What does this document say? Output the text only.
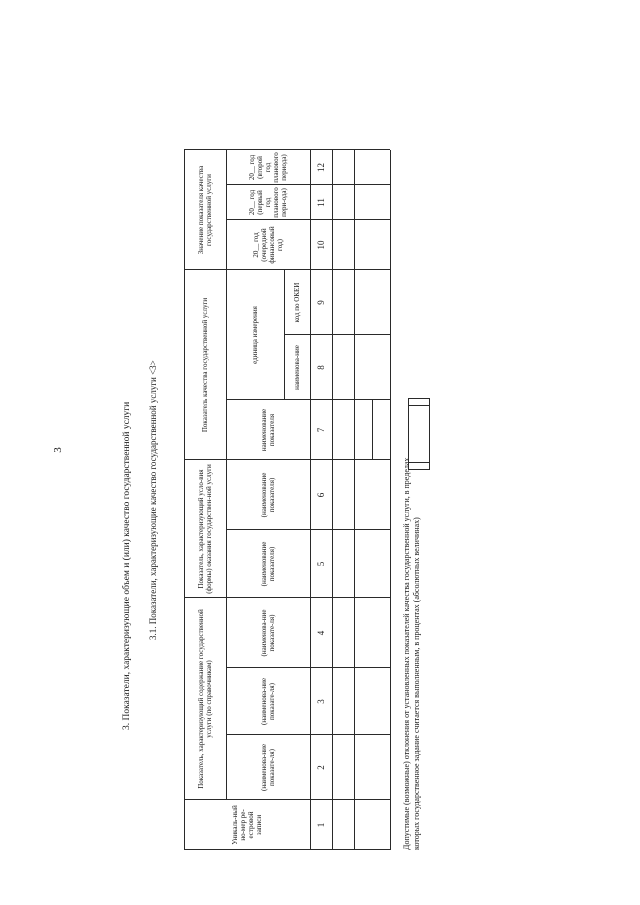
3	3. Показатели, характеризующие объем и (или) качество государственной услуги 3.1. Показатели, характеризующие качество государственной услуги <3>
Уникаль-ный но-мер ре-естровой записи
Показатель, характеризующий содержание государственной услуги (по справочникам)
Показатель, характеризующий усло-вия (формы) оказания государствен-ной услуги
Показатель качества государственной услуги
Значение показателя качества государственной услуги
(наименова-ние показате-ля)
(наименова-ние показате-ля)
(наименова-ние показате-ля)
(наименование показателя)
(наименование показателя)
наименование показателя
единица измерения
наименова-ние
код по ОКЕИ
20__ год (очередной финансовый год)
20__ год (первый год планового пери-ода)
20__ год (второй год планового периода)
1
2
3
4
5
6
7
8
9
10
11
12
Допустимые (возможные) отклонения от установленных показателей качества государственной услуги, в пределах которых государственное задание считается выполненным, в процентах (абсолютных величинах)
